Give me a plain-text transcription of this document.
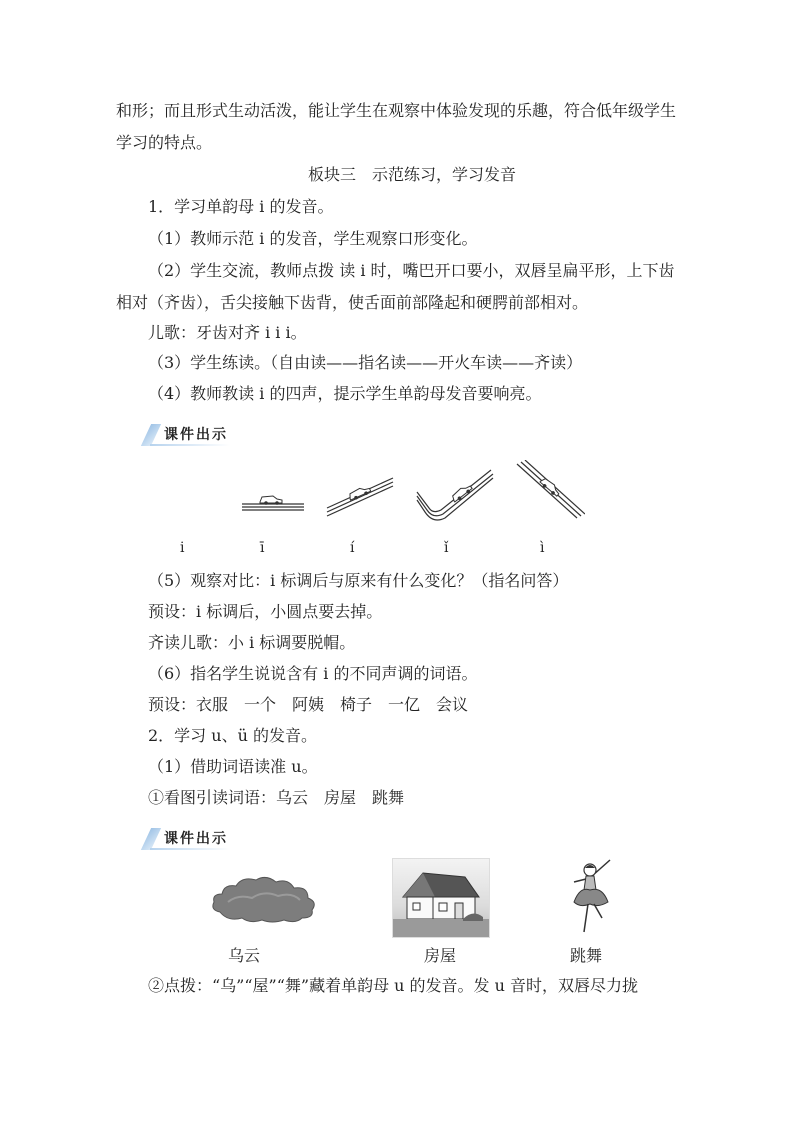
和形；而且形式生动活泼，能让学生在观察中体验发现的乐趣，符合低年级学生
学习的特点。
板块三　示范练习，学习发音
1．学习单韵母 i 的发音。
（1）教师示范 i 的发音，学生观察口形变化。
（2）学生交流，教师点拨 读 i 时，嘴巴开口要小，双唇呈扁平形，上下齿
相对（齐齿），舌尖接触下齿背，使舌面前部隆起和硬腭前部相对。
儿歌：牙齿对齐 i i i。
（3）学生练读。（自由读——指名读——开火车读——齐读）
（4）教师教读 i 的四声，提示学生单韵母发音要响亮。
课件出示
i	ī	í	ǐ	ì
（5）观察对比：i 标调后与原来有什么变化？（指名问答）
预设：i 标调后，小圆点要去掉。
齐读儿歌：小 i 标调要脱帽。
（6）指名学生说说含有 i 的不同声调的词语。
预设：衣服　一个　阿姨　椅子　一亿　会议
2．学习 u、ü 的发音。
（1）借助词语读准 u。
①看图引读词语：乌云　房屋　跳舞
课件出示
乌云	房屋	跳舞
②点拨：“乌”“屋”“舞”藏着单韵母 u 的发音。发 u 音时，双唇尽力拢
